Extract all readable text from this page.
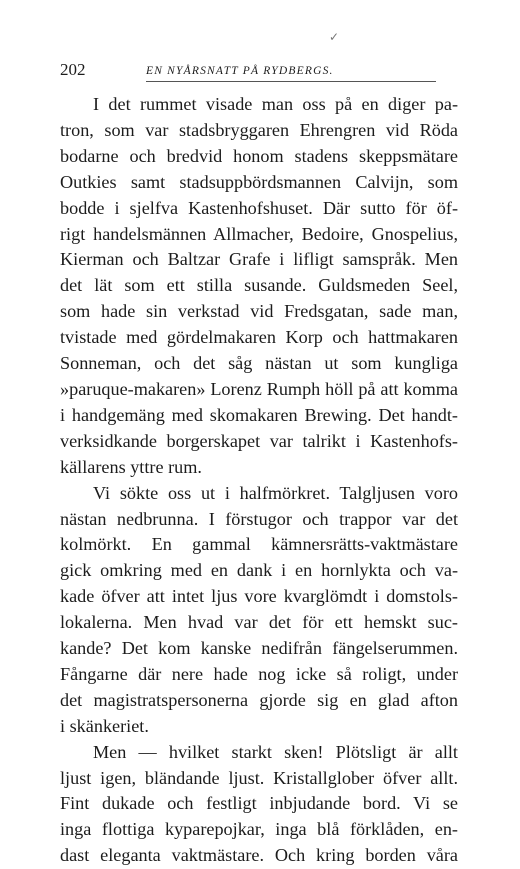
✓
202	EN NYÅRSNATT PÅ RYDBERGS.

I det rummet visade man oss på en diger pa-
tron, som var stadsbryggaren Ehrengren vid Röda
bodarne och bredvid honom stadens skeppsmätare
Outkies samt stadsuppbördsmannen Calvijn, som
bodde i sjelfva Kastenhofshuset. Där sutto för öf-
rigt handelsmännen Allmacher, Bedoire, Gnospelius,
Kierman och Baltzar Grafe i lifligt samspråk. Men
det lät som ett stilla susande. Guldsmeden Seel,
som hade sin verkstad vid Fredsgatan, sade man,
tvistade med gördelmakaren Korp och hattmakaren
Sonneman, och det såg nästan ut som kungliga
»paruque-makaren» Lorenz Rumph höll på att komma
i handgemäng med skomakaren Brewing. Det handt-
verksidkande borgerskapet var talrikt i Kastenhofs-
källarens yttre rum.

Vi sökte oss ut i halfmörkret. Talgljusen voro
nästan nedbrunna. I förstugor och trappor var det
kolmörkt. En gammal kämnersrätts-vaktmästare
gick omkring med en dank i en hornlykta och va-
kade öfver att intet ljus vore kvarglömdt i domstols-
lokalerna. Men hvad var det för ett hemskt suc-
kande? Det kom kanske nedifrån fängelserummen.
Fångarne där nere hade nog icke så roligt, under
det magistratspersonerna gjorde sig en glad afton
i skänkeriet.

Men — hvilket starkt sken! Plötsligt är allt
ljust igen, bländande ljust. Kristallglober öfver allt.
Fint dukade och festligt inbjudande bord. Vi se
inga flottiga kyparepojkar, inga blå förklåden, en-
dast eleganta vaktmästare. Och kring borden våra
